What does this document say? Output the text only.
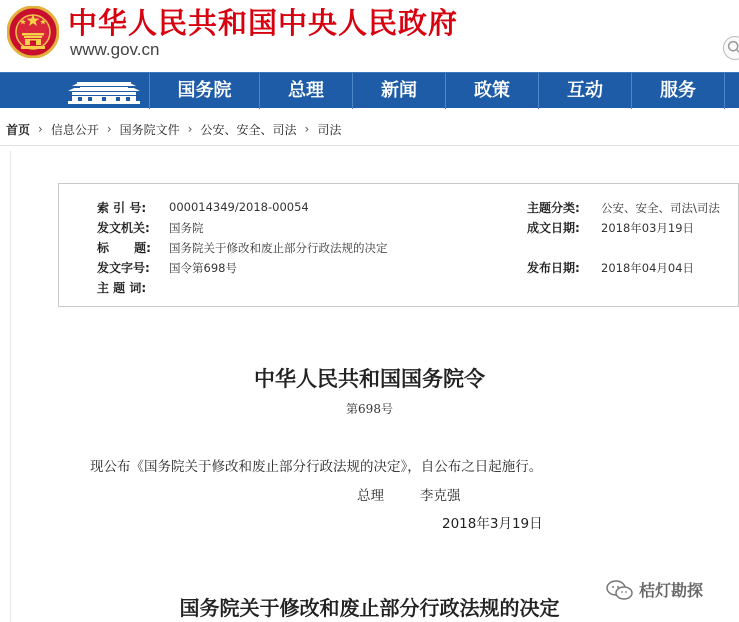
中华人民共和国中央人民政府
www.gov.cn
国务院	总理	新闻	政策	互动	服务
首页 › 信息公开 › 国务院文件 › 公安、安全、司法 › 司法
索 引 号: 000014349/2018-00054
发文机关: 国务院
标      题: 国务院关于修改和废止部分行政法规的决定
发文字号: 国令第698号
主 题 词:
主题分类: 公安、安全、司法\司法
成文日期: 2018年03月19日
发布日期: 2018年04月04日
中华人民共和国国务院令
第698号
现公布《国务院关于修改和废止部分行政法规的决定》，自公布之日起施行。
总理	李克强
2018年3月19日
国务院关于修改和废止部分行政法规的决定
桔灯勘探
